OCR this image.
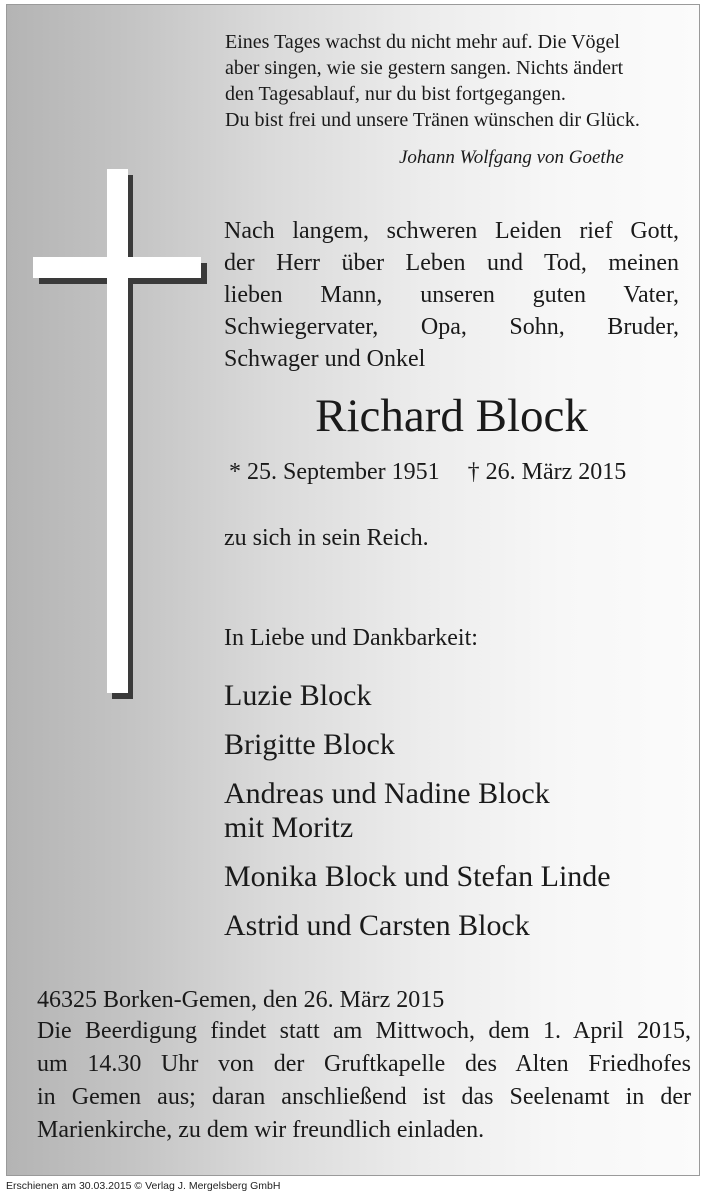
Eines Tages wachst du nicht mehr auf. Die Vögel
aber singen, wie sie gestern sangen. Nichts ändert
den Tagesablauf, nur du bist fortgegangen.
Du bist frei und unsere Tränen wünschen dir Glück.
Johann Wolfgang von Goethe
Nach langem, schweren Leiden rief Gott,
der Herr über Leben und Tod, meinen
lieben Mann, unseren guten Vater,
Schwiegervater, Opa, Sohn, Bruder,
Schwager und Onkel
Richard Block
* 25. September 1951 † 26. März 2015
zu sich in sein Reich.
In Liebe und Dankbarkeit:
Luzie Block
Brigitte Block
Andreas und Nadine Block
mit Moritz
Monika Block und Stefan Linde
Astrid und Carsten Block
46325 Borken-Gemen, den 26. März 2015
Die Beerdigung findet statt am Mittwoch, dem 1. April 2015,
um 14.30 Uhr von der Gruftkapelle des Alten Friedhofes
in Gemen aus; daran anschließend ist das Seelenamt in der
Marienkirche, zu dem wir freundlich einladen.
Erschienen am 30.03.2015 © Verlag J. Mergelsberg GmbH
